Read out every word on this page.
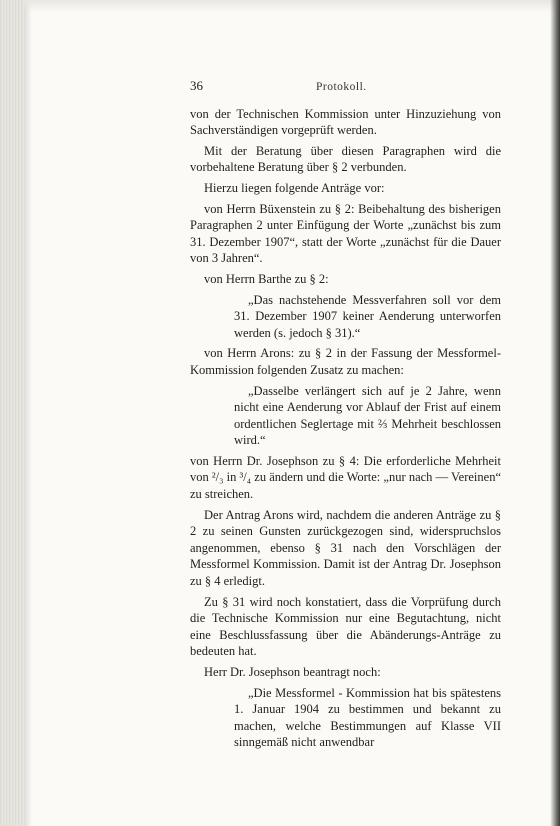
36	Protokoll.

von der Technischen Kommission unter Hinzuziehung von Sachverständigen vorgeprüft werden.

Mit der Beratung über diesen Paragraphen wird die vorbehaltene Beratung über § 2 verbunden.

Hierzu liegen folgende Anträge vor:

von Herrn Büxenstein zu § 2: Beibehaltung des bisherigen Paragraphen 2 unter Einfügung der Worte „zunächst bis zum 31. Dezember 1907“, statt der Worte „zunächst für die Dauer von 3 Jahren“.

von Herrn Barthe zu § 2:

„Das nachstehende Messverfahren soll vor dem 31. Dezember 1907 keiner Aenderung unterworfen werden (s. jedoch § 31).“

von Herrn Arons: zu § 2 in der Fassung der Messformel-Kommission folgenden Zusatz zu machen:

„Dasselbe verlängert sich auf je 2 Jahre, wenn nicht eine Aenderung vor Ablauf der Frist auf einem ordentlichen Seglertage mit ⅔ Mehrheit beschlossen wird.“

von Herrn Dr. Josephson zu § 4: Die erforderliche Mehrheit von ²/₃ in ³/₄ zu ändern und die Worte: „nur nach — Vereinen“ zu streichen.

Der Antrag Arons wird, nachdem die anderen Anträge zu § 2 zu seinen Gunsten zurückgezogen sind, widerspruchslos angenommen, ebenso § 31 nach den Vorschlägen der Messformel Kommission. Damit ist der Antrag Dr. Josephson zu § 4 erledigt.

Zu § 31 wird noch konstatiert, dass die Vorprüfung durch die Technische Kommission nur eine Begutachtung, nicht eine Beschlussfassung über die Abänderungs-Anträge zu bedeuten hat.

Herr Dr. Josephson beantragt noch:

„Die Messformel - Kommission hat bis spätestens 1. Januar 1904 zu bestimmen und bekannt zu machen, welche Bestimmungen auf Klasse VII sinngemäß nicht anwendbar
